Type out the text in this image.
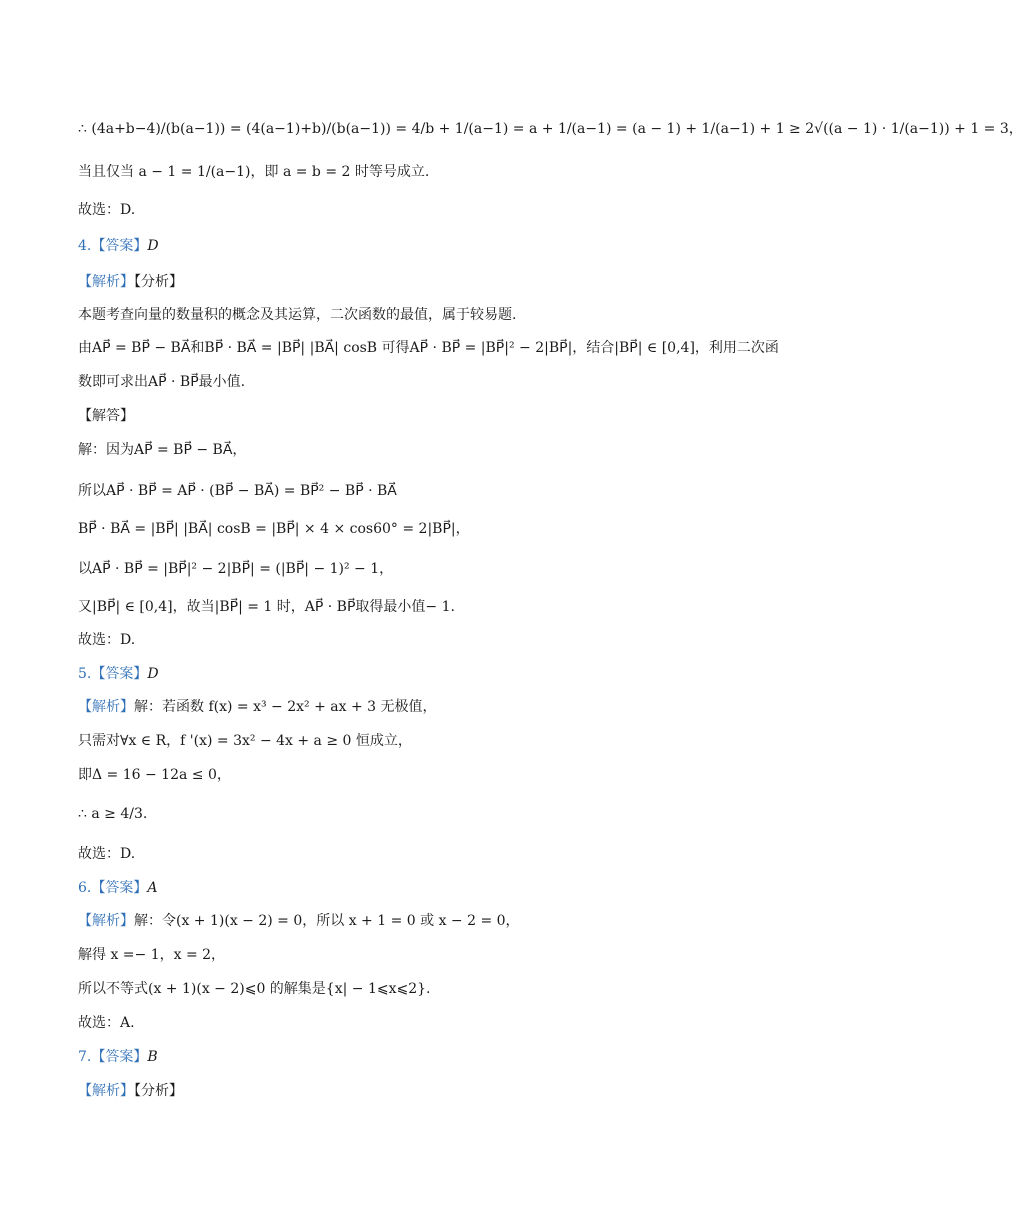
∴ (4a+b−4)/(b(a−1)) = (4(a−1)+b)/(b(a−1)) = 4/b + 1/(a−1) = a + 1/(a−1) = (a − 1) + 1/(a−1) + 1 ≥ 2√((a − 1) · 1/(a−1)) + 1 = 3，
当且仅当 a − 1 = 1/(a−1)，即 a = b = 2 时等号成立.
故选：D.
4.【答案】D
【解析】【分析】
本题考查向量的数量积的概念及其运算，二次函数的最值，属于较易题.
由AP⃗ = BP⃗ − BA⃗和BP⃗ · BA⃗ = |BP⃗| |BA⃗| cosB 可得AP⃗ · BP⃗ = |BP⃗|² − 2|BP⃗|，结合|BP⃗| ∈ [0,4]，利用二次函
数即可求出AP⃗ · BP⃗最小值.
【解答】
解：因为AP⃗ = BP⃗ − BA⃗，
所以AP⃗ · BP⃗ = AP⃗ · (BP⃗ − BA⃗) = BP⃗² − BP⃗ · BA⃗
BP⃗ · BA⃗ = |BP⃗| |BA⃗| cosB = |BP⃗| × 4 × cos60° = 2|BP⃗|，
以AP⃗ · BP⃗ = |BP⃗|² − 2|BP⃗| = (|BP⃗| − 1)² − 1，
又|BP⃗| ∈ [0,4]，故当|BP⃗| = 1 时，AP⃗ · BP⃗取得最小值− 1.
故选：D.
5.【答案】D
【解析】解：若函数 f(x) = x³ − 2x² + ax + 3 无极值，
只需对∀x ∈ R，f '(x) = 3x² − 4x + a ≥ 0 恒成立，
即Δ = 16 − 12a ≤ 0，
∴ a ≥ 4/3.
故选：D.
6.【答案】A
【解析】解：令(x + 1)(x − 2) = 0，所以 x + 1 = 0 或 x − 2 = 0，
解得 x =− 1，x = 2，
所以不等式(x + 1)(x − 2)⩽0 的解集是{x| − 1⩽x⩽2}.
故选：A.
7.【答案】B
【解析】【分析】
